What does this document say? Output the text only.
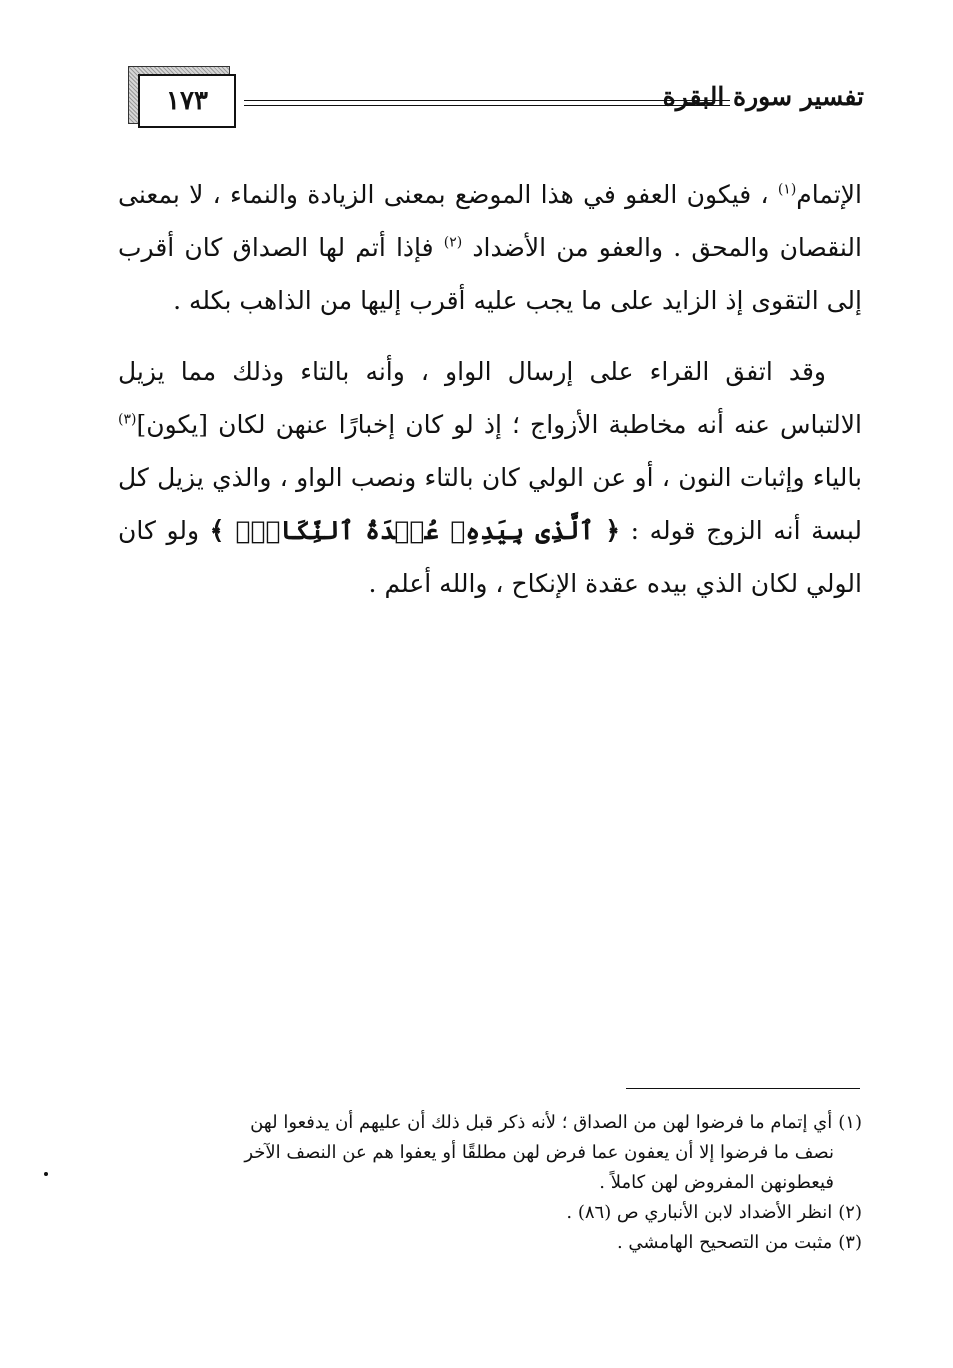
١٧٣	تفسير سورة البقرة
الإتمام$^{(١)}$ ، فيكون العفو في هذا الموضع بمعنى الزيادة والنماء ، لا بمعنى النقصان والمحق . والعفو من الأضداد $^{(٢)}$ فإذا أتم لها الصداق كان أقرب إلى التقوى إذ الزايد على ما يجب عليه أقرب إليها من الذاهب بكله .
وقد اتفق القراء على إرسال الواو ، وأنه بالتاء وذلك مما يزيل الالتباس عنه أنه مخاطبة الأزواج ؛ إذ لو كان إخبارًا عنهن لكان [يكون]$^{(٣)}$ بالياء وإثبات النون ، أو عن الولي كان بالتاء ونصب الواو ، والذي يزيل كل لبسة أنه الزوج قوله : ﴿ ٱلَّذِى بِيَدِهِۦ عُقۡدَةُ ٱلنِّكَاحِۚ ﴾ ولو كان الولي لكان الذي بيده عقدة الإنكاح ، والله أعلم .

(١)أي إتمام ما فرضوا لهن من الصداق ؛ لأنه ذكر قبل ذلك أن عليهم أن يدفعوا لهن

نصف ما فرضوا إلا أن يعفون عما فرض لهن مطلقًا أو يعفوا هم عن النصف الآخر

فيعطونهن المفروض لهن كاملاً .

(٢)انظر الأضداد لابن الأنباري ص (٨٦) .

(٣)مثبت من التصحيح الهامشي .
